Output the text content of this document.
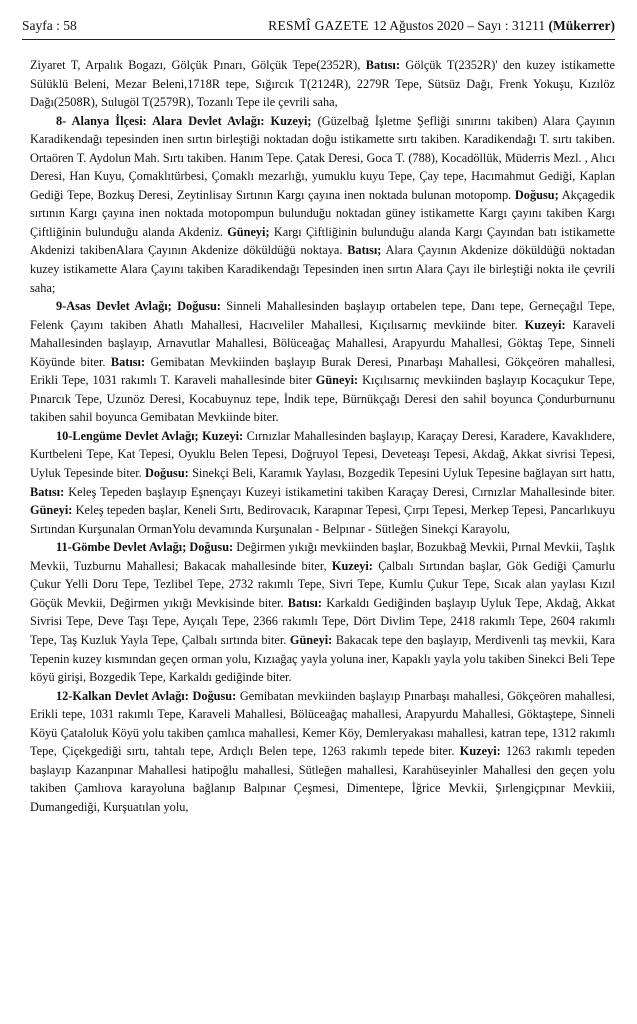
Sayfa : 58	RESMÎ GAZETE 12 Ağustos 2020 – Sayı : 31211 (Mükerrer)

Ziyaret T, Arpalık Bogazı, Gölçük Pınarı, Gölçük Tepe(2352R), Batısı: Gölçük T(2352R)' den kuzey istikamette Sülüklü Beleni, Mezar Beleni,1718R tepe, Sığırcık T(2124R), 2279R Tepe, Sütsüz Dağı, Frenk Yokuşu, Kızılöz Dağı(2508R), Sulugöl T(2579R), Tozanlı Tepe ile çevrili saha,

8- Alanya İlçesi: Alara Devlet Avlağı: Kuzeyi; (Güzelbağ İşletme Şefliği sınırını takiben) Alara Çayının Karadikendağı tepesinden inen sırtın birleştiği noktadan doğu istikamette sırtı takiben. Karadikendağı T. sırtı takiben. Ortaören T. Aydolun Mah. Sırtı takiben. Hanım Tepe. Çatak Deresi, Goca T. (788), Kocadöllük, Müderris Mezl. , Alıcı Deresi, Han Kuyu, Çomaklıtürbesi, Çomaklı mezarlığı, yumuklu kuyu Tepe, Çay tepe, Hacımahmut Gediği, Kaplan Gediği Tepe, Bozkuş Deresi, Zeytinlisay Sırtının Kargı çayına inen noktada bulunan motopomp. Doğusu; Akçagedik sırtının Kargı çayına inen noktada motopompun bulunduğu noktadan güney istikamette Kargı çayını takiben Kargı Çiftliğinin bulunduğu alanda Akdeniz. Güneyi; Kargı Çiftliğinin bulunduğu alanda Kargı Çayından batı istikamette Akdenizi takibenAlara Çayının Akdenize döküldüğü noktaya. Batısı; Alara Çayının Akdenize döküldüğü noktadan kuzey istikamette Alara Çayını takiben Karadikendağı Tepesinden inen sırtın Alara Çayı ile birleştiği nokta ile çevrili saha;

9-Asas Devlet Avlağı; Doğusu: Sinneli Mahallesinden başlayıp ortabelen tepe, Danı tepe, Gerneçağıl Tepe, Felenk Çayını takiben Ahatlı Mahallesi, Hacıveliler Mahallesi, Kıçılısarnıç mevkiinde biter. Kuzeyi: Karaveli Mahallesinden başlayıp, Arnavutlar Mahallesi, Bölüceağaç Mahallesi, Arapyurdu Mahallesi, Göktaş Tepe, Sinneli Köyünde biter. Batısı: Gemibatan Mevkiinden başlayıp Burak Deresi, Pınarbaşı Mahallesi, Gökçeören mahallesi, Erikli Tepe, 1031 rakımlı T. Karaveli mahallesinde biter Güneyi: Kıçılısarnıç mevkiinden başlayıp Kocaçukur Tepe, Pınarcık Tepe, Uzunöz Deresi, Kocabuynuz tepe, İndik tepe, Bürnükçağı Deresi den sahil boyunca Çondurburnunu takiben sahil boyunca Gemibatan Mevkiinde biter.

10-Lengüme Devlet Avlağı; Kuzeyi: Cırnızlar Mahallesinden başlayıp, Karaçay Deresi, Karadere, Kavaklıdere, Kurtbeleni Tepe, Kat Tepesi, Oyuklu Belen Tepesi, Doğruyol Tepesi, Deveteaşı Tepesi, Akdağ, Akkat sivrisi Tepesi, Uyluk Tepesinde biter. Doğusu: Sinekçi Beli, Karamık Yaylası, Bozgedik Tepesini Uyluk Tepesine bağlayan sırt hattı, Batısı: Keleş Tepeden başlayıp Eşnençayı Kuzeyi istikametini takiben Karaçay Deresi, Cırnızlar Mahallesinde biter. Güneyi: Keleş tepeden başlar, Keneli Sırtı, Bedirovacık, Karapınar Tepesi, Çırpı Tepesi, Merkep Tepesi, Pancarlıkuyu Sırtından Kurşunalan OrmanYolu devamında Kurşunalan - Belpınar - Sütleğen Sinekçi Karayolu,

11-Gömbe Devlet Avlağı; Doğusu: Değirmen yıkığı mevkiinden başlar, Bozukbağ Mevkii, Pırnal Mevkii, Taşlık Mevkii, Tuzburnu Mahallesi; Bakacak mahallesinde biter, Kuzeyi: Çalbalı Sırtından başlar, Gök Gediği Çamurlu Çukur Yelli Doru Tepe, Tezlibel Tepe, 2732 rakımlı Tepe, Sivri Tepe, Kumlu Çukur Tepe, Sıcak alan yaylası Kızıl Göçük Mevkii, Değirmen yıkığı Mevkisinde biter. Batısı: Karkaldı Gediğinden başlayıp Uyluk Tepe, Akdağ, Akkat Sivrisi Tepe, Deve Taşı Tepe, Ayıçalı Tepe, 2366 rakımlı Tepe, Dört Divlim Tepe, 2418 rakımlı Tepe, 2604 rakımlı Tepe, Taş Kuzluk Yayla Tepe, Çalbalı sırtında biter. Güneyi: Bakacak tepe den başlayıp, Merdivenli taş mevkii, Kara Tepenin kuzey kısmından geçen orman yolu, Kızıağaç yayla yoluna iner, Kapaklı yayla yolu takiben Sinekci Beli Tepe köyü girişi, Bozgedik Tepe, Karkaldı gediğinde biter.

12-Kalkan Devlet Avlağı: Doğusu: Gemibatan mevkiinden başlayıp Pınarbaşı mahallesi, Gökçeören mahallesi, Erikli tepe, 1031 rakımlı Tepe, Karaveli Mahallesi, Bölüceağaç mahallesi, Arapyurdu Mahallesi, Göktaştepe, Sinneli Köyü Çataloluk Köyü yolu takiben çamlıca mahallesi, Kemer Köy, Demleryakası mahallesi, katran tepe, 1312 rakımlı Tepe, Çiçekgediği sırtı, tahtalı tepe, Ardıçlı Belen tepe, 1263 rakımlı tepede biter. Kuzeyi: 1263 rakımlı tepeden başlayıp Kazanpınar Mahallesi hatipoğlu mahallesi, Sütleğen mahallesi, Karahüseyinler Mahallesi den geçen yolu takiben Çamlıova karayoluna bağlanıp Balpınar Çeşmesi, Dimentepe, İğrice Mevkii, Şırlengiçpınar Mevkiii, Dumangediği, Kurşuatılan yolu,
